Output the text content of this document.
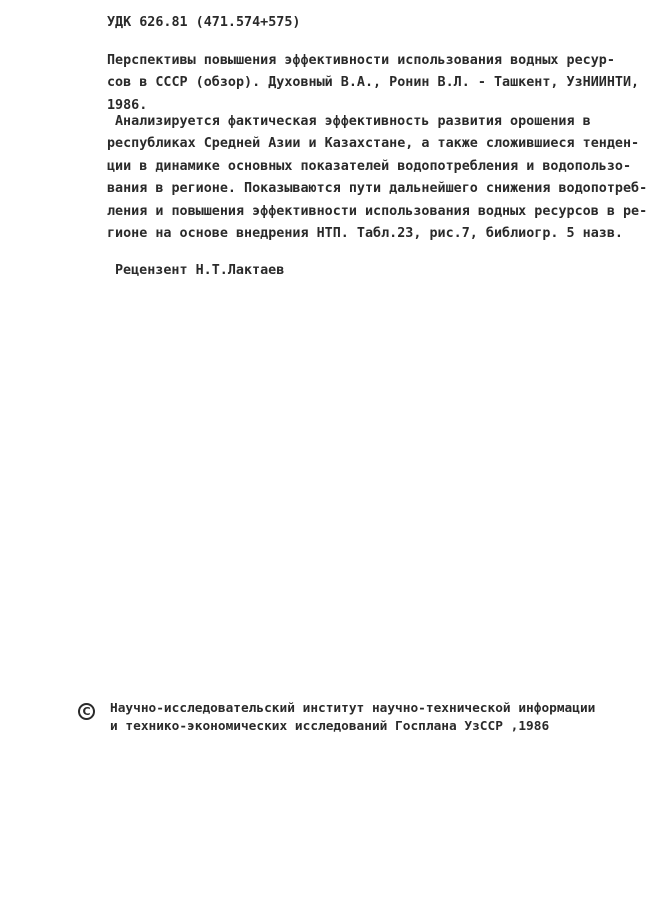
УДК 626.81 (471.574+575)
Перспективы повышения эффективности использования водных ресур-
сов в СССР (обзор). Духовный В.А., Ронин В.Л. - Ташкент, УзНИИНТИ,
1986.
Анализируется фактическая эффективность развития орошения в
республиках Средней Азии и Казахстане, а также сложившиеся тенден-
ции в динамике основных показателей водопотребления и водопользо-
вания в регионе. Показываются пути дальнейшего снижения водопотреб-
ления и повышения эффективности использования водных ресурсов в ре-
гионе на основе внедрения НТП. Табл.23, рис.7, библиогр. 5 назв.
Рецензент Н.Т.Лактаев
C	Научно-исследовательский институт научно-технической информации
и технико-экономических исследований Госплана УзССР ,1986
